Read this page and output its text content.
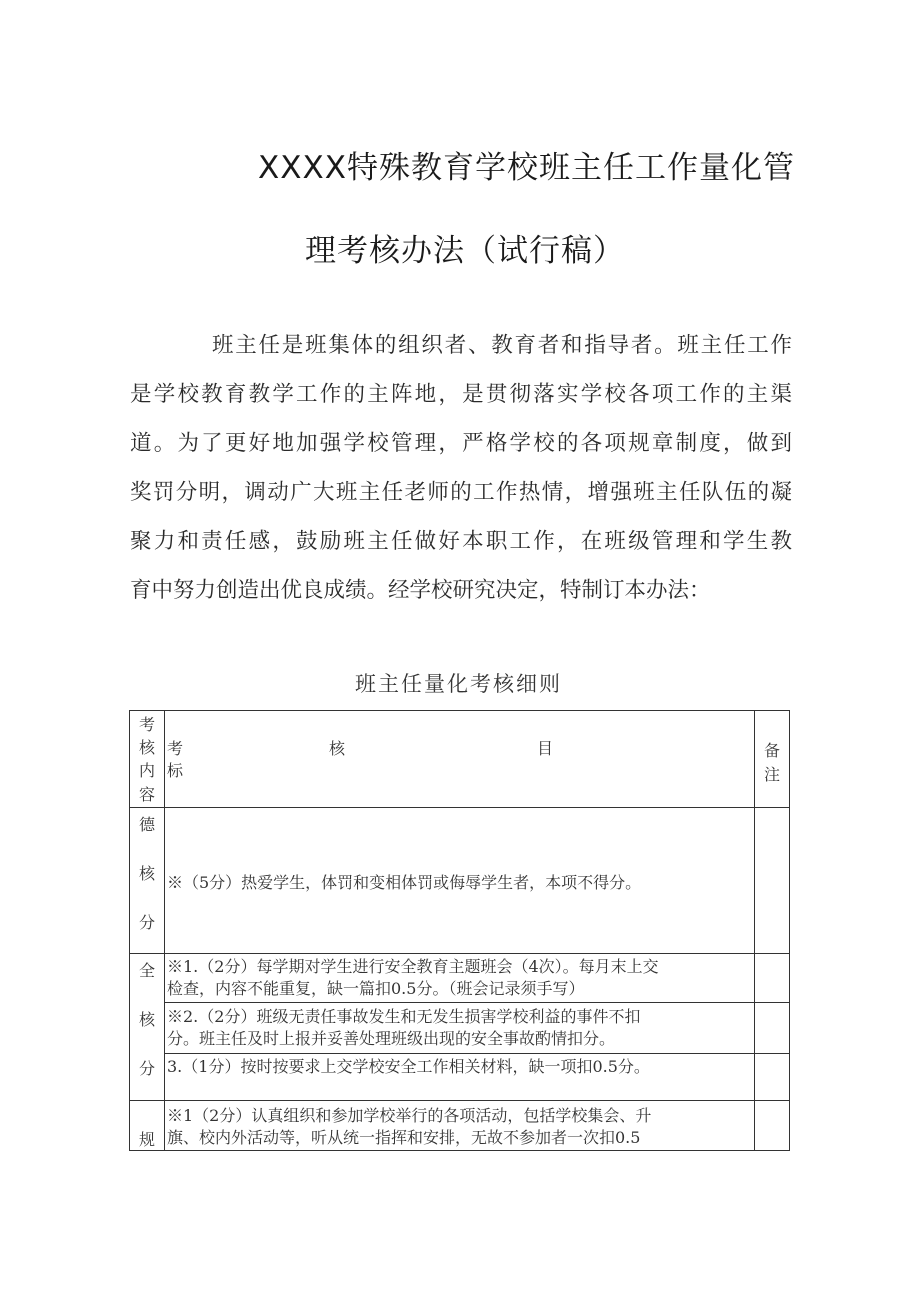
XXXX特殊教育学校班主任工作量化管
理考核办法（试行稿）
班主任是班集体的组织者、教育者和指导者。班主任工作
是学校教育教学工作的主阵地，是贯彻落实学校各项工作的主渠
道。为了更好地加强学校管理，严格学校的各项规章制度，做到
奖罚分明，调动广大班主任老师的工作热情，增强班主任队伍的凝
聚力和责任感，鼓励班主任做好本职工作，在班级管理和学生教
育中努力创造出优良成绩。经学校研究决定，特制订本办法：
班主任量化考核细则
考
核
内
容
考	核	目
标
备
注
德
核
分
※（5分）热爱学生，体罚和变相体罚或侮辱学生者，本项不得分。
全
核
分
※1.（2分）每学期对学生进行安全教育主题班会（4次）。每月末上交
检查，内容不能重复，缺一篇扣0.5分。（班会记录须手写）
※2.（2分）班级无责任事故发生和无发生损害学校利益的事件不扣
分。班主任及时上报并妥善处理班级出现的安全事故酌情扣分。
3.（1分）按时按要求上交学校安全工作相关材料，缺一项扣0.5分。
规
※1（2分）认真组织和参加学校举行的各项活动，包括学校集会、升
旗、校内外活动等，听从统一指挥和安排，无故不参加者一次扣0.5
